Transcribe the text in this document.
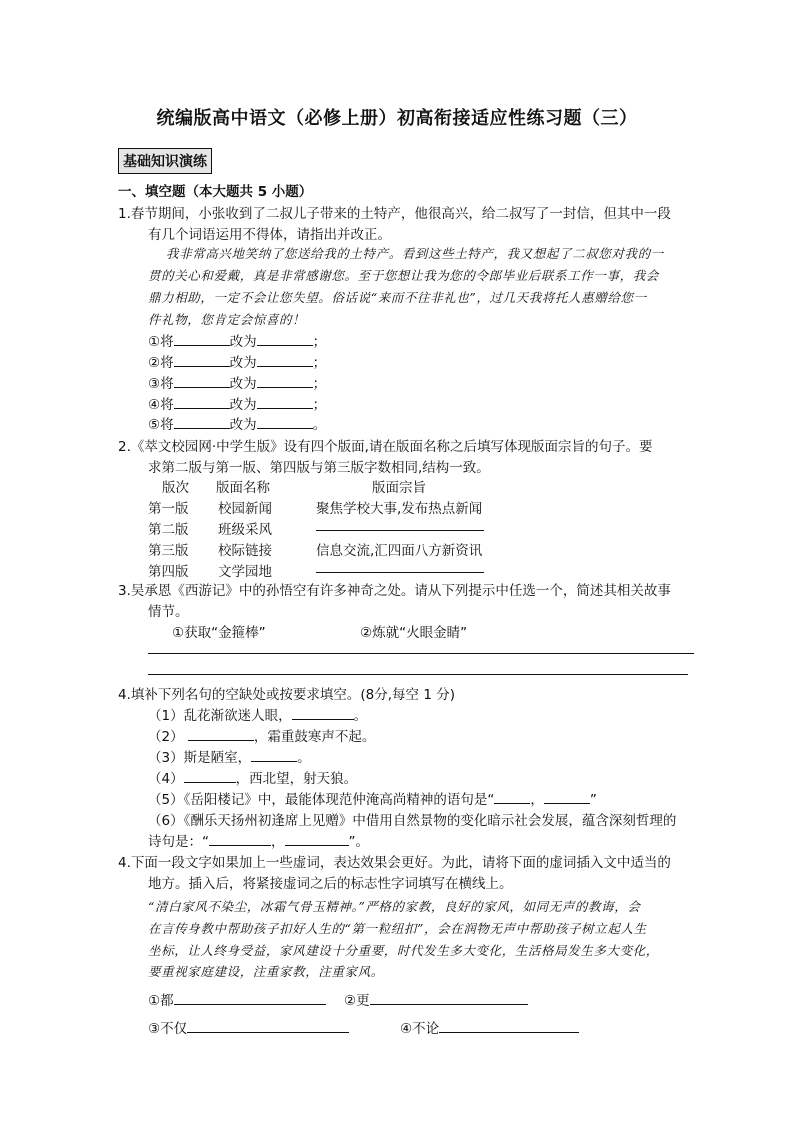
统编版高中语文（必修上册）初高衔接适应性练习题（三）
基础知识演练
一、填空题（本大题共 5 小题）
1.春节期间，小张收到了二叔儿子带来的土特产，他很高兴，给二叔写了一封信，但其中一段
有几个词语运用不得体，请指出并改正。
我非常高兴地笑纳了您送给我的土特产。看到这些土特产，我又想起了二叔您对我的一
贯的关心和爱戴，真是非常感谢您。至于您想让我为您的令郎毕业后联系工作一事，我会
鼎力相助，一定不会让您失望。俗话说“来而不往非礼也”，过几天我将托人惠赠给您一
件礼物，您肯定会惊喜的！
①将	改为	；
②将	改为	；
③将	改为	；
④将	改为	；
⑤将	改为	。
2.《萃文校园网·中学生版》设有四个版面,请在版面名称之后填写体现版面宗旨的句子。要
求第二版与第一版、第四版与第三版字数相同,结构一致。
版次 版面名称	版面宗旨
第一版 校园新闻	聚焦学校大事,发布热点新闻
第二版 班级采风
第三版 校际链接	信息交流,汇四面八方新资讯
第四版 文学园地
3.吴承恩《西游记》中的孙悟空有许多神奇之处。请从下列提示中任选一个，简述其相关故事
情节。
①获取“金箍棒”	②炼就“火眼金睛”
4.填补下列名句的空缺处或按要求填空。(8分,每空 1 分)
（1）乱花渐欲迷人眼，	。
（2）	，霜重鼓寒声不起。
（3）斯是陋室，	。
（4）	，西北望，射天狼。
（5）《岳阳楼记》中，最能体现范仲淹高尚精神的语句是“	，	”
（6）《酬乐天扬州初逢席上见赠》中借用自然景物的变化暗示社会发展，蕴含深刻哲理的
诗句是：“	，	”。
4.下面一段文字如果加上一些虚词，表达效果会更好。为此，请将下面的虚词插入文中适当的
地方。插入后，将紧接虚词之后的标志性字词填写在横线上。
“清白家风不染尘，冰霜气骨玉精神。”严格的家教，良好的家风，如同无声的教诲，会
在言传身教中帮助孩子扣好人生的“第一粒纽扣”，会在润物无声中帮助孩子树立起人生
坐标，让人终身受益，家风建设十分重要，时代发生多大变化，生活格局发生多大变化，
要重视家庭建设，注重家教，注重家风。
①都	②更
③不仅	④不论
